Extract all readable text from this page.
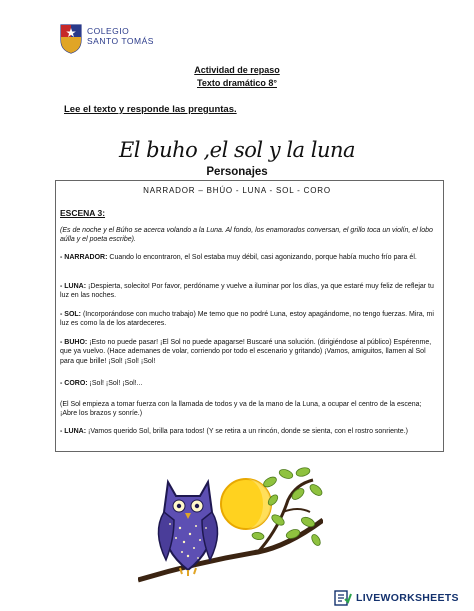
COLEGIO
SANTO TOMÁS
Actividad de repaso
Texto dramático 8°
Lee el texto y responde las preguntas.
El buho ,el sol y la luna
Personajes
NARRADOR – BHÚO - LUNA - SOL - CORO
ESCENA 3:
(Es de noche y el Búho se acerca volando a la Luna. Al fondo, los enamorados conversan, el grillo toca un violín, el lobo aúlla y el poeta escribe).
- NARRADOR: Cuando lo encontraron, el Sol estaba muy débil, casi agonizando, porque había mucho frío para él.
- LUNA: ¡Despierta, solecito! Por favor, perdóname y vuelve a iluminar por los días, ya que estaré muy feliz de reflejar tu luz en las noches.
- SOL: (Incorporándose con mucho trabajo) Me temo que no podré Luna, estoy apagándome, no tengo fuerzas. Mira, mi luz es como la de los atardeceres.
- BUHO: ¡Esto no puede pasar! ¡El Sol no puede apagarse! Buscaré una solución. (dirigiéndose al público) Espérenme, que ya vuelvo. (Hace ademanes de volar, corriendo por todo el escenario y gritando) ¡Vamos, amiguitos, llamen al Sol para que brille! ¡Sol! ¡Sol! ¡Sol!
- CORO: ¡Sol! ¡Sol! ¡Sol!...
(El Sol empieza a tomar fuerza con la llamada de todos y va de la mano de la Luna, a ocupar el centro de la escena; ¡Abre los brazos y sonríe.)
- LUNA: ¡Vamos querido Sol, brilla para todos! (Y se retira a un rincón, donde se sienta, con el rostro sonriente.)
LIVEWORKSHEETS
